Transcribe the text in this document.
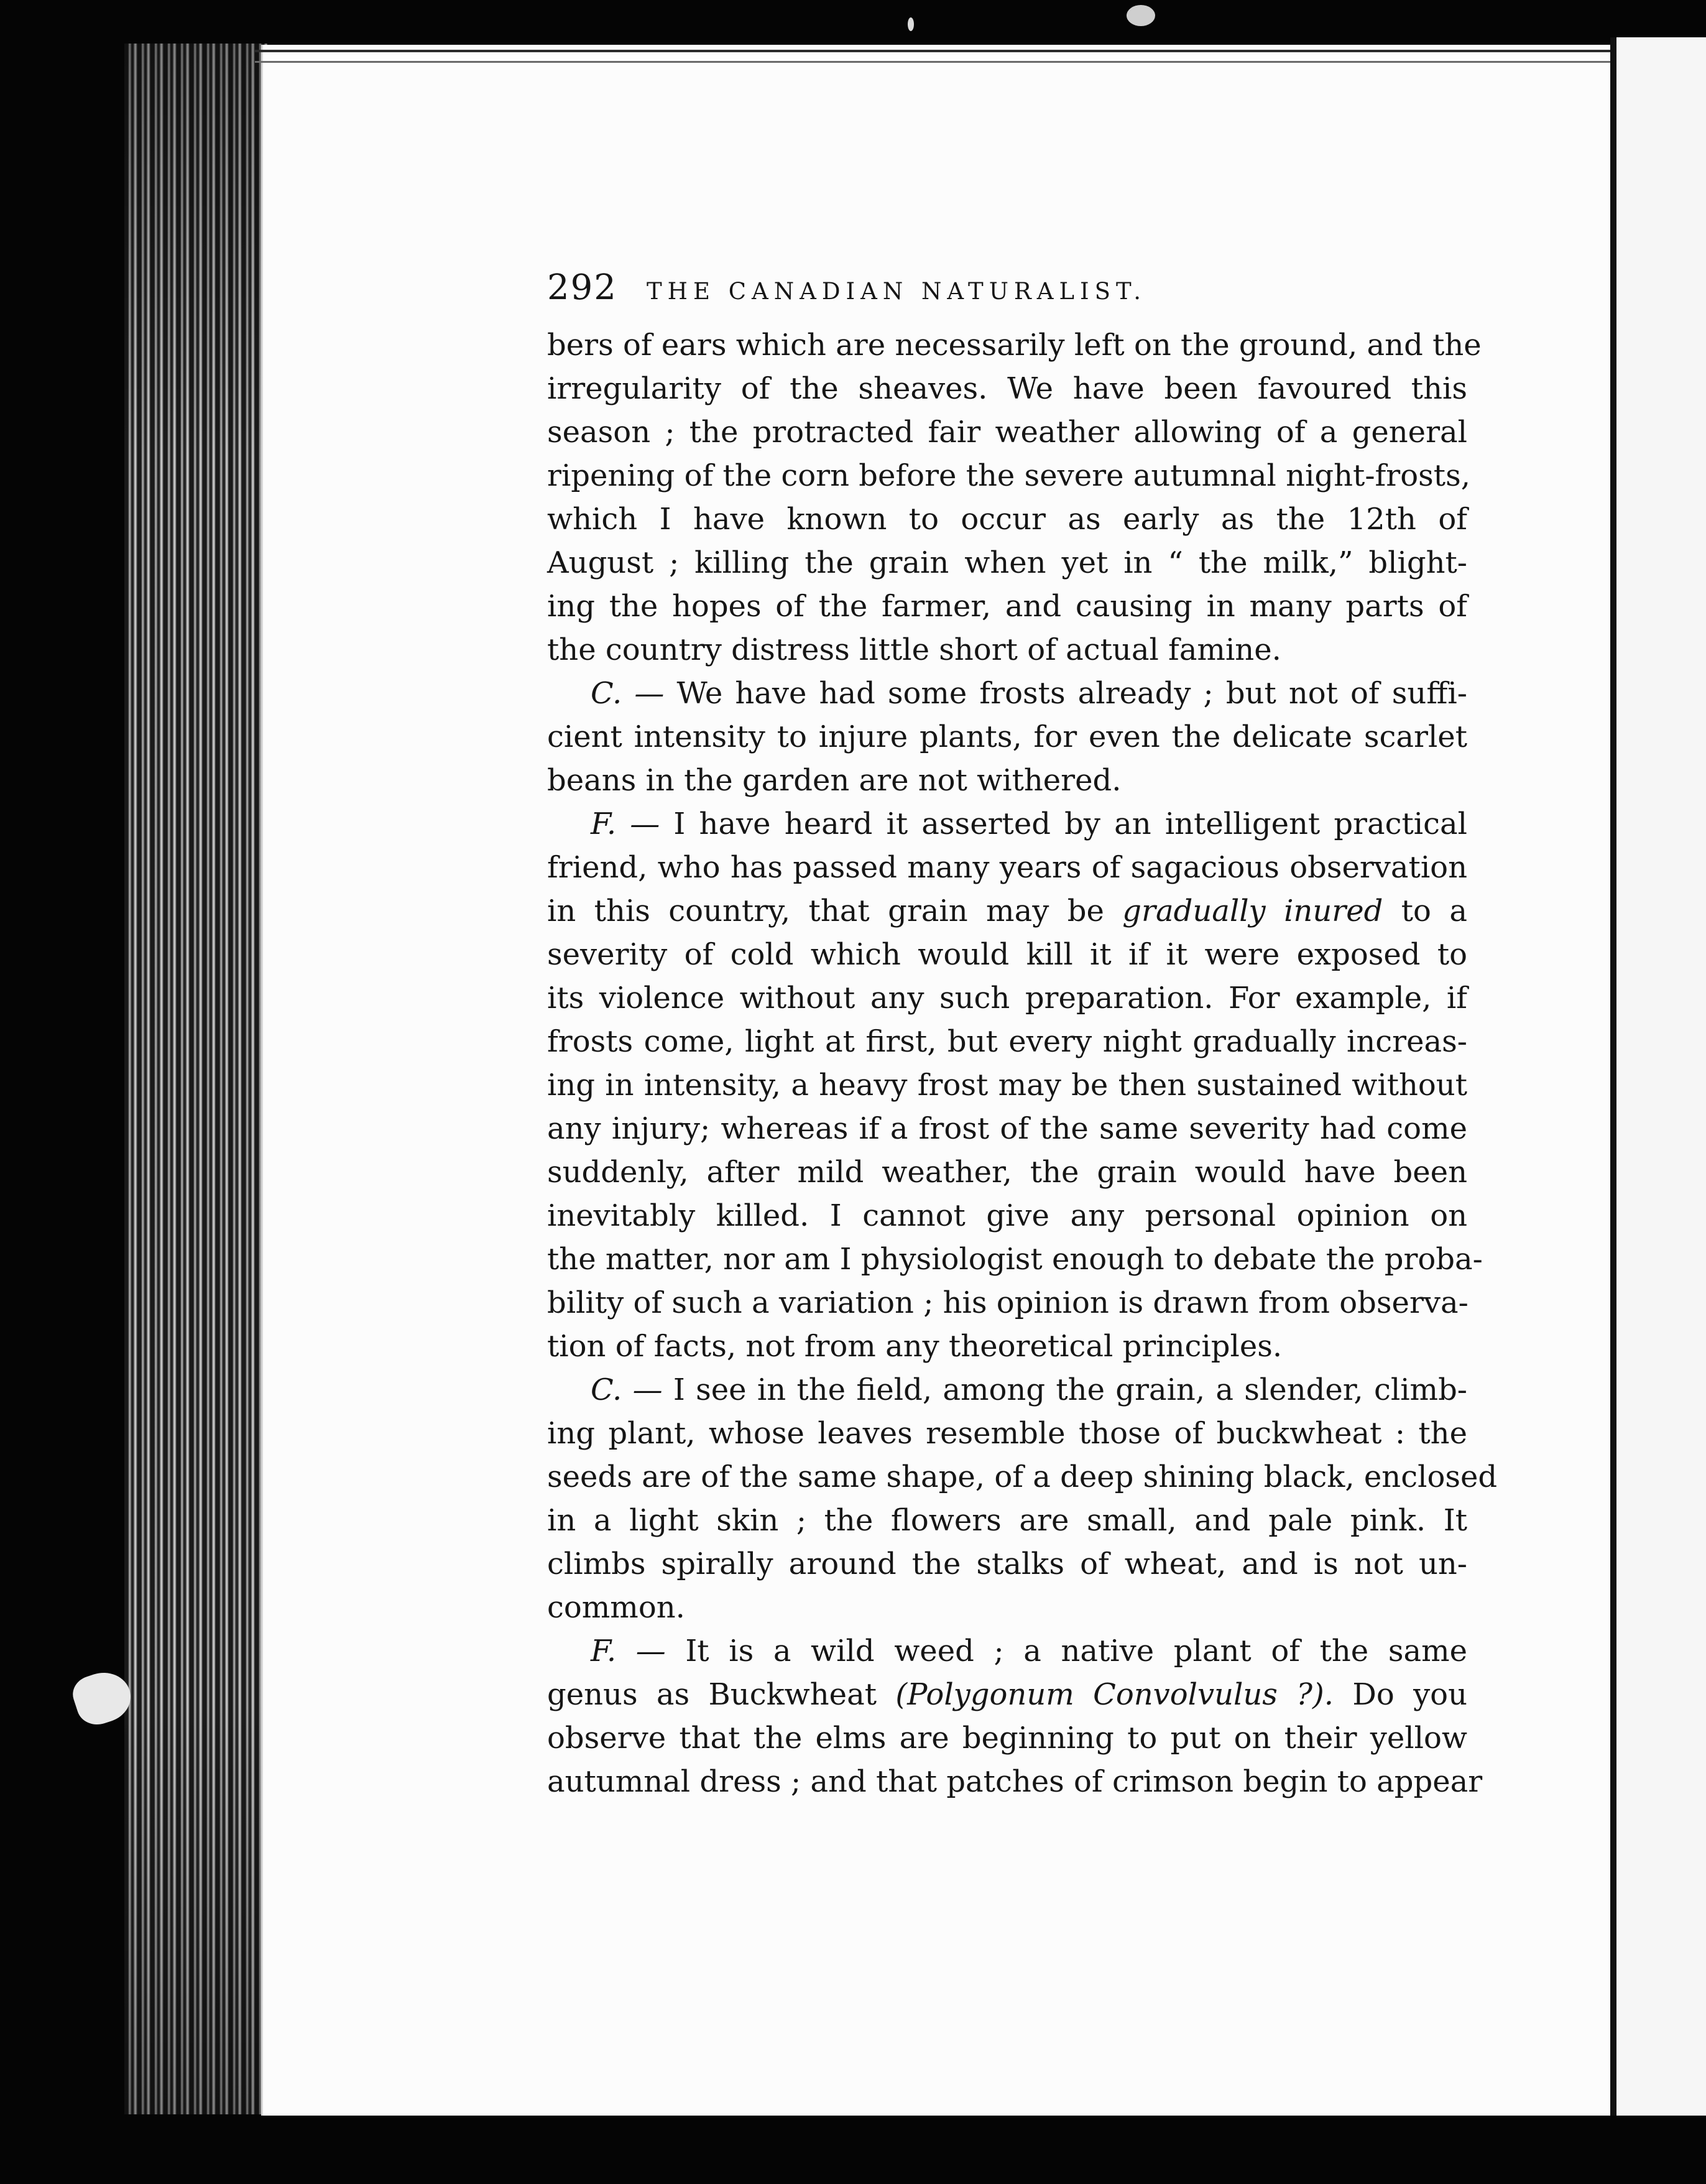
292	THE CANADIAN NATURALIST.
bers of ears which are necessarily left on the ground, and the
irregularity of the sheaves. We have been favoured this
season ; the protracted fair weather allowing of a general
ripening of the corn before the severe autumnal night-frosts,
which I have known to occur as early as the 12th of
August ; killing the grain when yet in “ the milk,” blight-
ing the hopes of the farmer, and causing in many parts of
the country distress little short of actual famine.
C. — We have had some frosts already ; but not of suffi-
cient intensity to injure plants, for even the delicate scarlet
beans in the garden are not withered.
F. — I have heard it asserted by an intelligent practical
friend, who has passed many years of sagacious observation
in this country, that grain may be gradually inured to a
severity of cold which would kill it if it were exposed to
its violence without any such preparation. For example, if
frosts come, light at first, but every night gradually increas-
ing in intensity, a heavy frost may be then sustained without
any injury; whereas if a frost of the same severity had come
suddenly, after mild weather, the grain would have been
inevitably killed. I cannot give any personal opinion on
the matter, nor am I physiologist enough to debate the proba-
bility of such a variation ; his opinion is drawn from observa-
tion of facts, not from any theoretical principles.
C. — I see in the field, among the grain, a slender, climb-
ing plant, whose leaves resemble those of buckwheat : the
seeds are of the same shape, of a deep shining black, enclosed
in a light skin ; the flowers are small, and pale pink. It
climbs spirally around the stalks of wheat, and is not un-
common.
F. — It is a wild weed ; a native plant of the same
genus as Buckwheat (Polygonum Convolvulus ?). Do you
observe that the elms are beginning to put on their yellow
autumnal dress ; and that patches of crimson begin to appear
